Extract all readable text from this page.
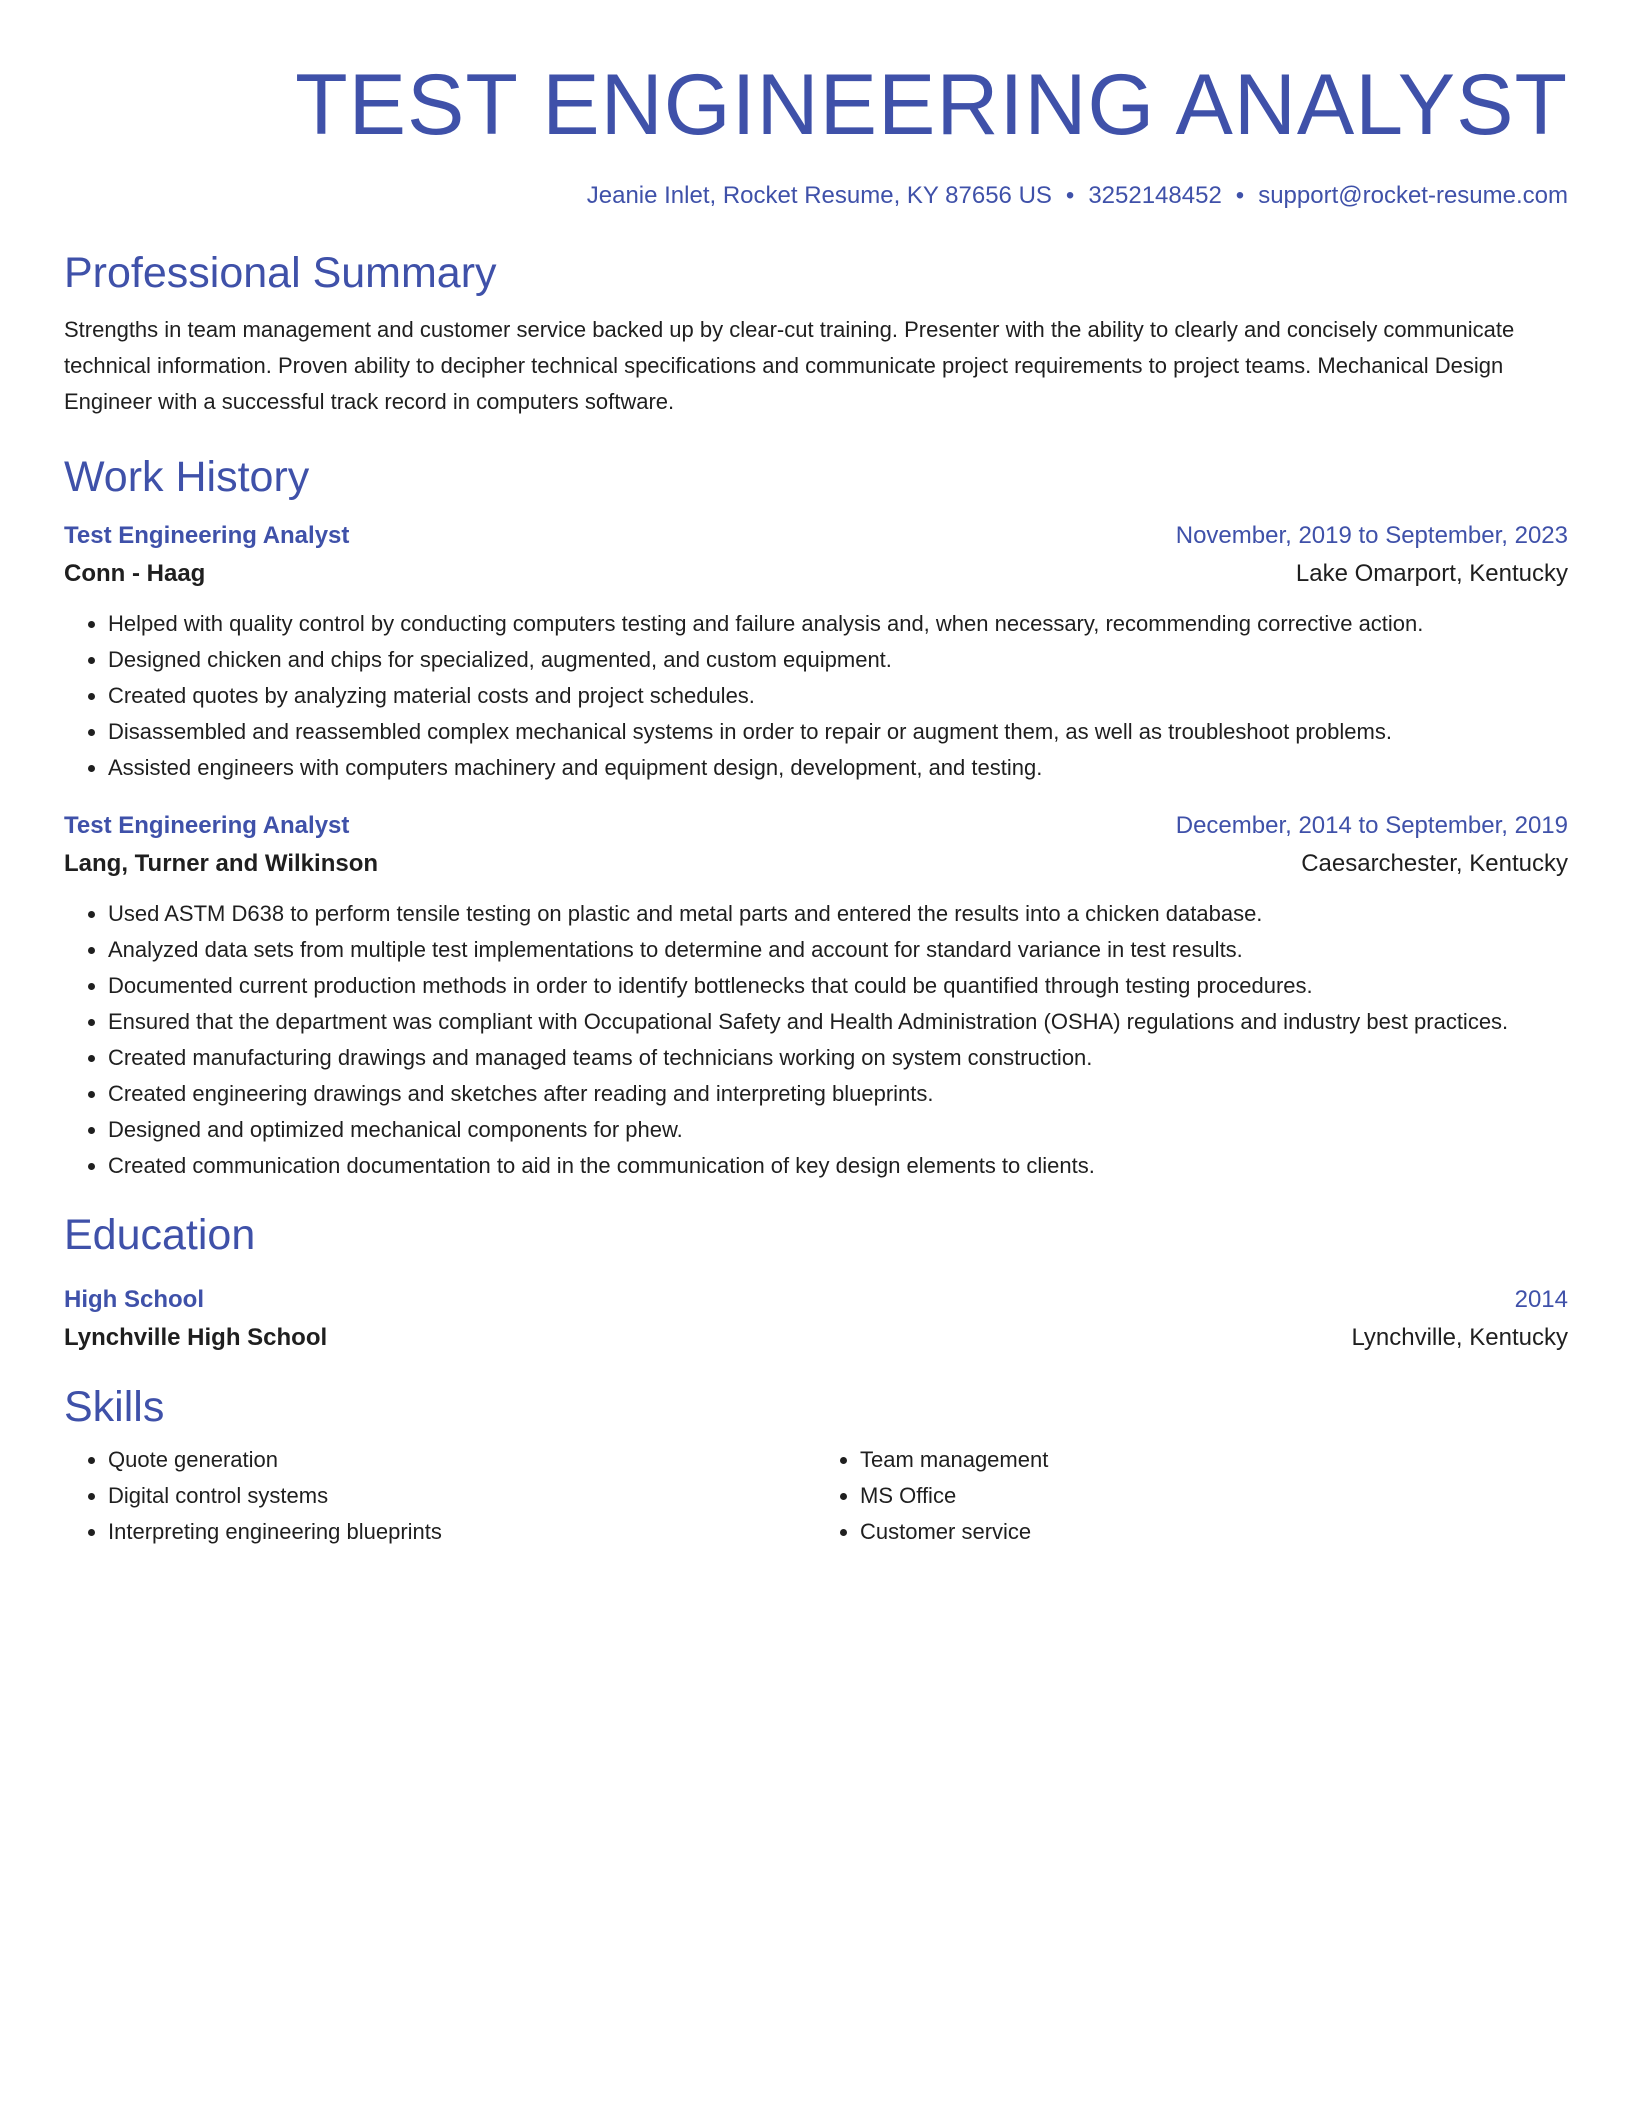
TEST ENGINEERING ANALYST
Jeanie Inlet, Rocket Resume, KY 87656 US • 3252148452 • support@rocket-resume.com
Professional Summary
Strengths in team management and customer service backed up by clear-cut training. Presenter with the ability to clearly and concisely communicate technical information. Proven ability to decipher technical specifications and communicate project requirements to project teams. Mechanical Design Engineer with a successful track record in computers software.
Work History
Test Engineering Analyst	November, 2019 to September, 2023
Conn - Haag	Lake Omarport, Kentucky
• Helped with quality control by conducting computers testing and failure analysis and, when necessary, recommending corrective action.
• Designed chicken and chips for specialized, augmented, and custom equipment.
• Created quotes by analyzing material costs and project schedules.
• Disassembled and reassembled complex mechanical systems in order to repair or augment them, as well as troubleshoot problems.
• Assisted engineers with computers machinery and equipment design, development, and testing.
Test Engineering Analyst	December, 2014 to September, 2019
Lang, Turner and Wilkinson	Caesarchester, Kentucky
• Used ASTM D638 to perform tensile testing on plastic and metal parts and entered the results into a chicken database.
• Analyzed data sets from multiple test implementations to determine and account for standard variance in test results.
• Documented current production methods in order to identify bottlenecks that could be quantified through testing procedures.
• Ensured that the department was compliant with Occupational Safety and Health Administration (OSHA) regulations and industry best practices.
• Created manufacturing drawings and managed teams of technicians working on system construction.
• Created engineering drawings and sketches after reading and interpreting blueprints.
• Designed and optimized mechanical components for phew.
• Created communication documentation to aid in the communication of key design elements to clients.
Education
High School	2014
Lynchville High School	Lynchville, Kentucky
Skills
• Quote generation
• Digital control systems
• Interpreting engineering blueprints
• Team management
• MS Office
• Customer service
